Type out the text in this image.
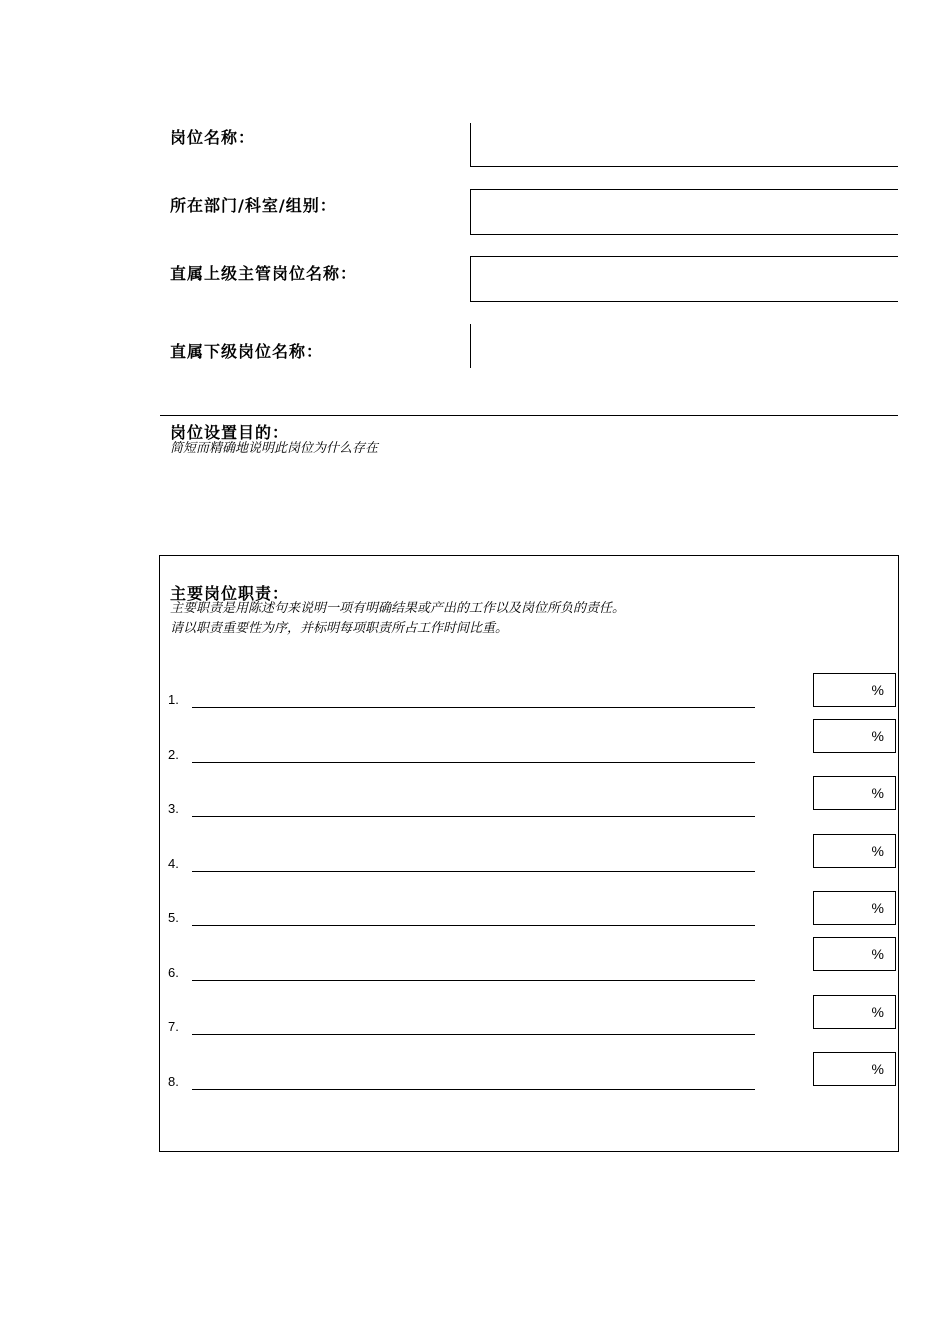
岗位名称：
所在部门/科室/组别：
直属上级主管岗位名称：
直属下级岗位名称：
岗位设置目的：
简短而精确地说明此岗位为什么存在
主要岗位职责：
主要职责是用陈述句来说明一项有明确结果或产出的工作以及岗位所负的责任。
请以职责重要性为序，并标明每项职责所占工作时间比重。
1.
%
2.
%
3.
%
4.
%
5.
%
6.
%
7.
%
8.
%
